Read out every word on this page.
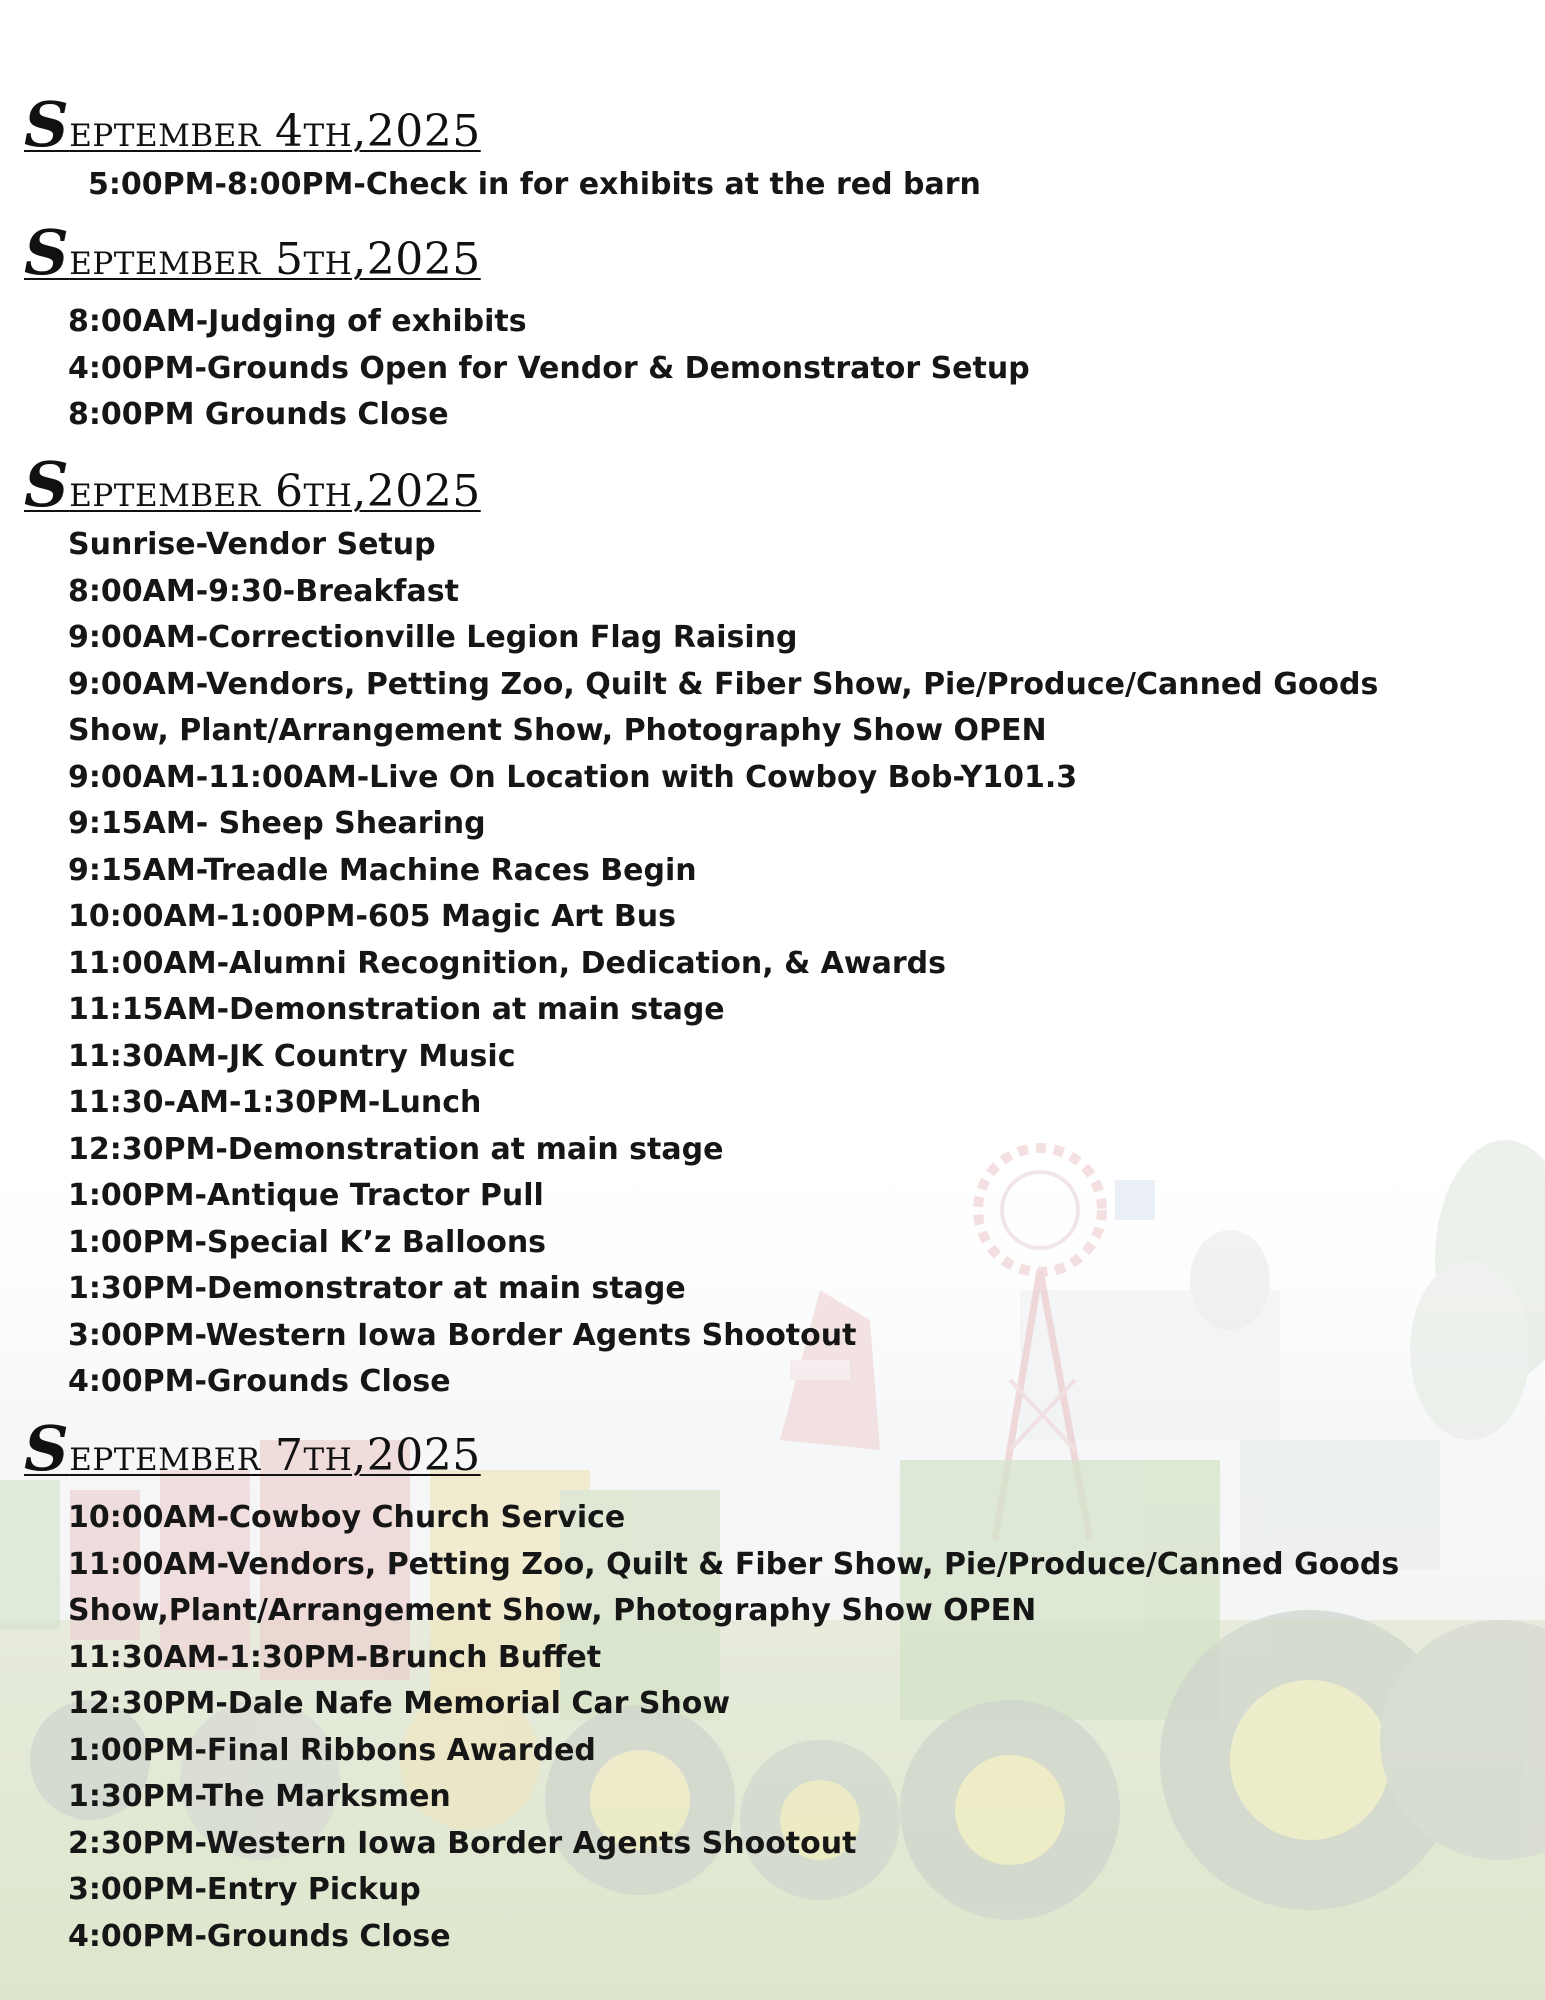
September 4th,2025
5:00PM-8:00PM-Check in for exhibits at the red barn
September 5th,2025
8:00AM-Judging of exhibits
4:00PM-Grounds Open for Vendor & Demonstrator Setup
8:00PM Grounds Close
September 6th,2025
Sunrise-Vendor Setup
8:00AM-9:30-Breakfast
9:00AM-Correctionville Legion Flag Raising
9:00AM-Vendors, Petting Zoo, Quilt & Fiber Show, Pie/Produce/Canned Goods
Show, Plant/Arrangement Show, Photography Show OPEN
9:00AM-11:00AM-Live On Location with Cowboy Bob-Y101.3
9:15AM- Sheep Shearing
9:15AM-Treadle Machine Races Begin
10:00AM-1:00PM-605 Magic Art Bus
11:00AM-Alumni Recognition, Dedication, & Awards
11:15AM-Demonstration at main stage
11:30AM-JK Country Music
11:30-AM-1:30PM-Lunch
12:30PM-Demonstration at main stage
1:00PM-Antique Tractor Pull
1:00PM-Special K’z Balloons
1:30PM-Demonstrator at main stage
3:00PM-Western Iowa Border Agents Shootout
4:00PM-Grounds Close
September 7th,2025
10:00AM-Cowboy Church Service
11:00AM-Vendors, Petting Zoo, Quilt & Fiber Show, Pie/Produce/Canned Goods
Show,Plant/Arrangement Show, Photography Show OPEN
11:30AM-1:30PM-Brunch Buffet
12:30PM-Dale Nafe Memorial Car Show
1:00PM-Final Ribbons Awarded
1:30PM-The Marksmen
2:30PM-Western Iowa Border Agents Shootout
3:00PM-Entry Pickup
4:00PM-Grounds Close
